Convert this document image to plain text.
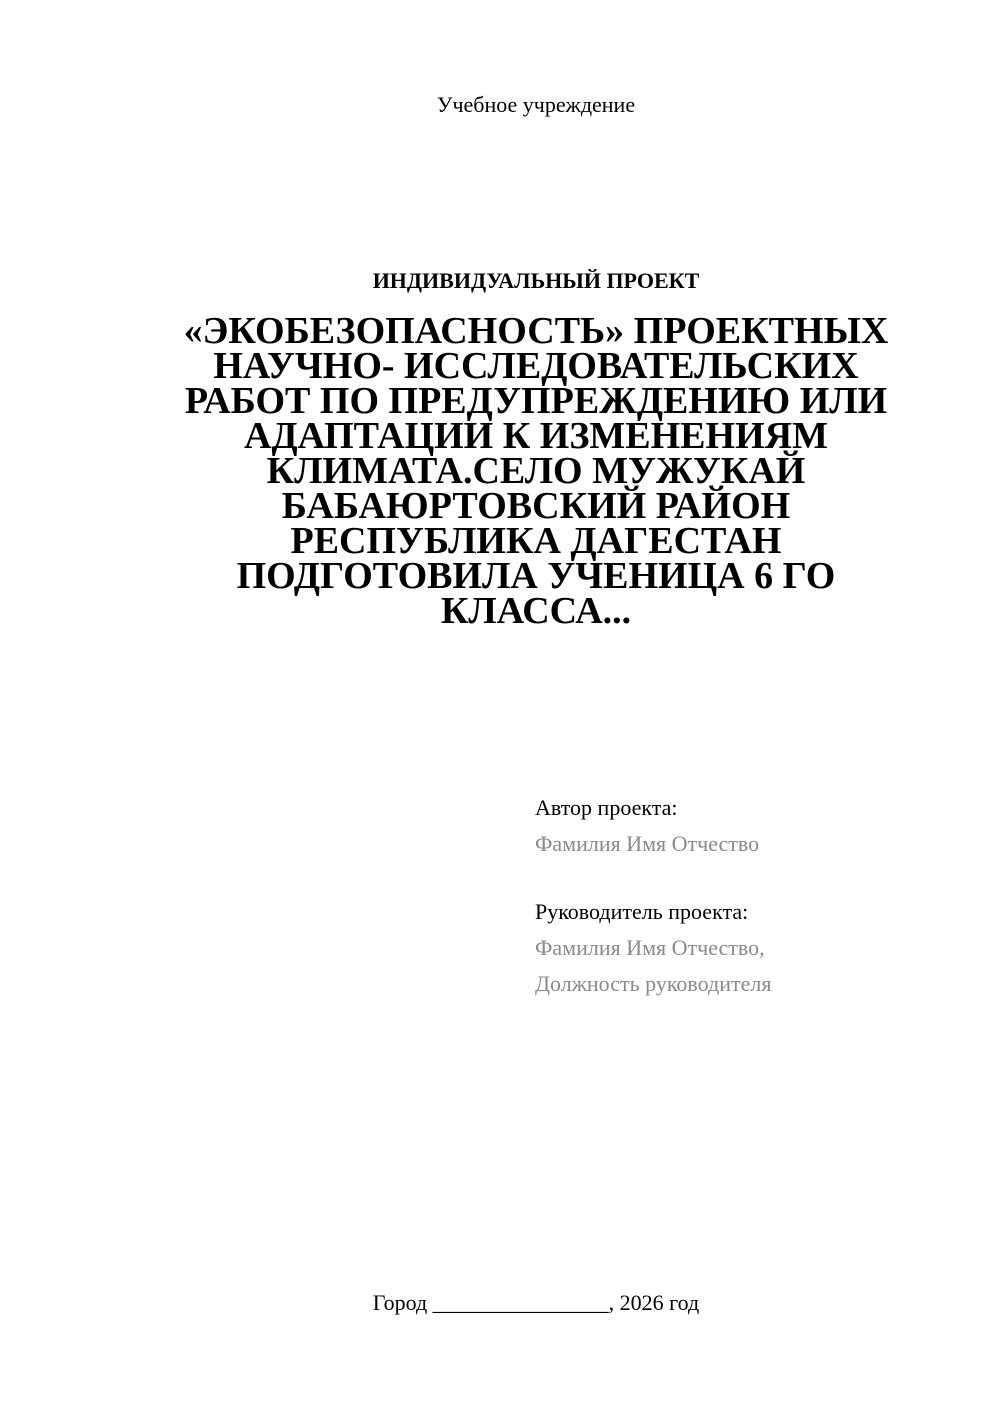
Учебное учреждение
ИНДИВИДУАЛЬНЫЙ ПРОЕКТ
«ЭКОБЕЗОПАСНОСТЬ» ПРОЕКТНЫХ НАУЧНО- ИССЛЕДОВАТЕЛЬСКИХ РАБОТ ПО ПРЕДУПРЕЖДЕНИЮ ИЛИ АДАПТАЦИИ К ИЗМЕНЕНИЯМ КЛИМАТА.СЕЛО МУЖУКАЙ БАБАЮРТОВСКИЙ РАЙОН РЕСПУБЛИКА ДАГЕСТАН ПОДГОТОВИЛА УЧЕНИЦА 6 ГО КЛАССА...
Автор проекта:
Фамилия Имя Отчество
Руководитель проекта:
Фамилия Имя Отчество,
Должность руководителя
Город ________________, 2026 год
